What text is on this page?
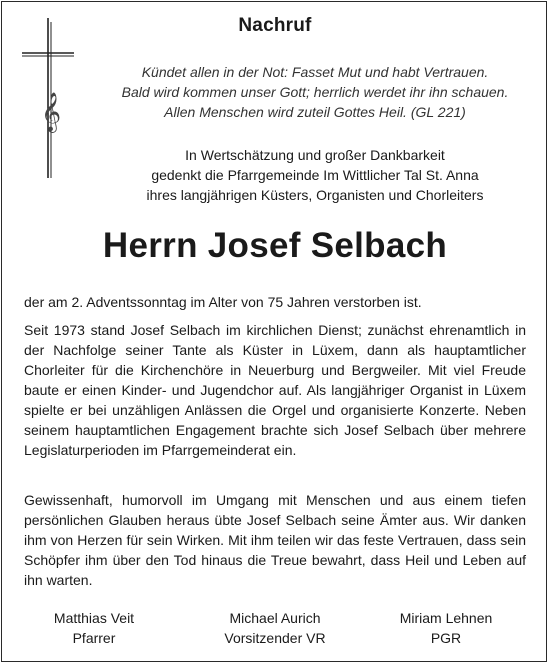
𝄞
Nachruf
Kündet allen in der Not: Fasset Mut und habt Vertrauen.
Bald wird kommen unser Gott; herrlich werdet ihr ihn schauen.
Allen Menschen wird zuteil Gottes Heil. (GL 221)
In Wertschätzung und großer Dankbarkeit
gedenkt die Pfarrgemeinde Im Wittlicher Tal St. Anna
ihres langjährigen Küsters, Organisten und Chorleiters
Herrn Josef Selbach
der am 2. Adventssonntag im Alter von 75 Jahren verstorben ist.
Seit 1973 stand Josef Selbach im kirchlichen Dienst; zunächst ehrenamtlich in der Nachfolge seiner Tante als Küster in Lüxem, dann als hauptamtlicher Chorleiter für die Kirchenchöre in Neuerburg und Bergweiler. Mit viel Freude baute er einen Kinder- und Jugendchor auf. Als langjähriger Organist in Lüxem spielte er bei unzähligen Anlässen die Orgel und organisierte Konzerte. Neben seinem hauptamtlichen Engagement brachte sich Josef Selbach über mehrere Legislaturperioden im Pfarrgemeinderat ein.
Gewissenhaft, humorvoll im Umgang mit Menschen und aus einem tiefen persönlichen Glauben heraus übte Josef Selbach seine Ämter aus. Wir danken ihm von Herzen für sein Wirken. Mit ihm teilen wir das feste Vertrauen, dass sein Schöpfer ihm über den Tod hinaus die Treue bewahrt, dass Heil und Leben auf ihn warten.
Matthias Veit
Pfarrer
Michael Aurich
Vorsitzender VR
Miriam Lehnen
PGR
